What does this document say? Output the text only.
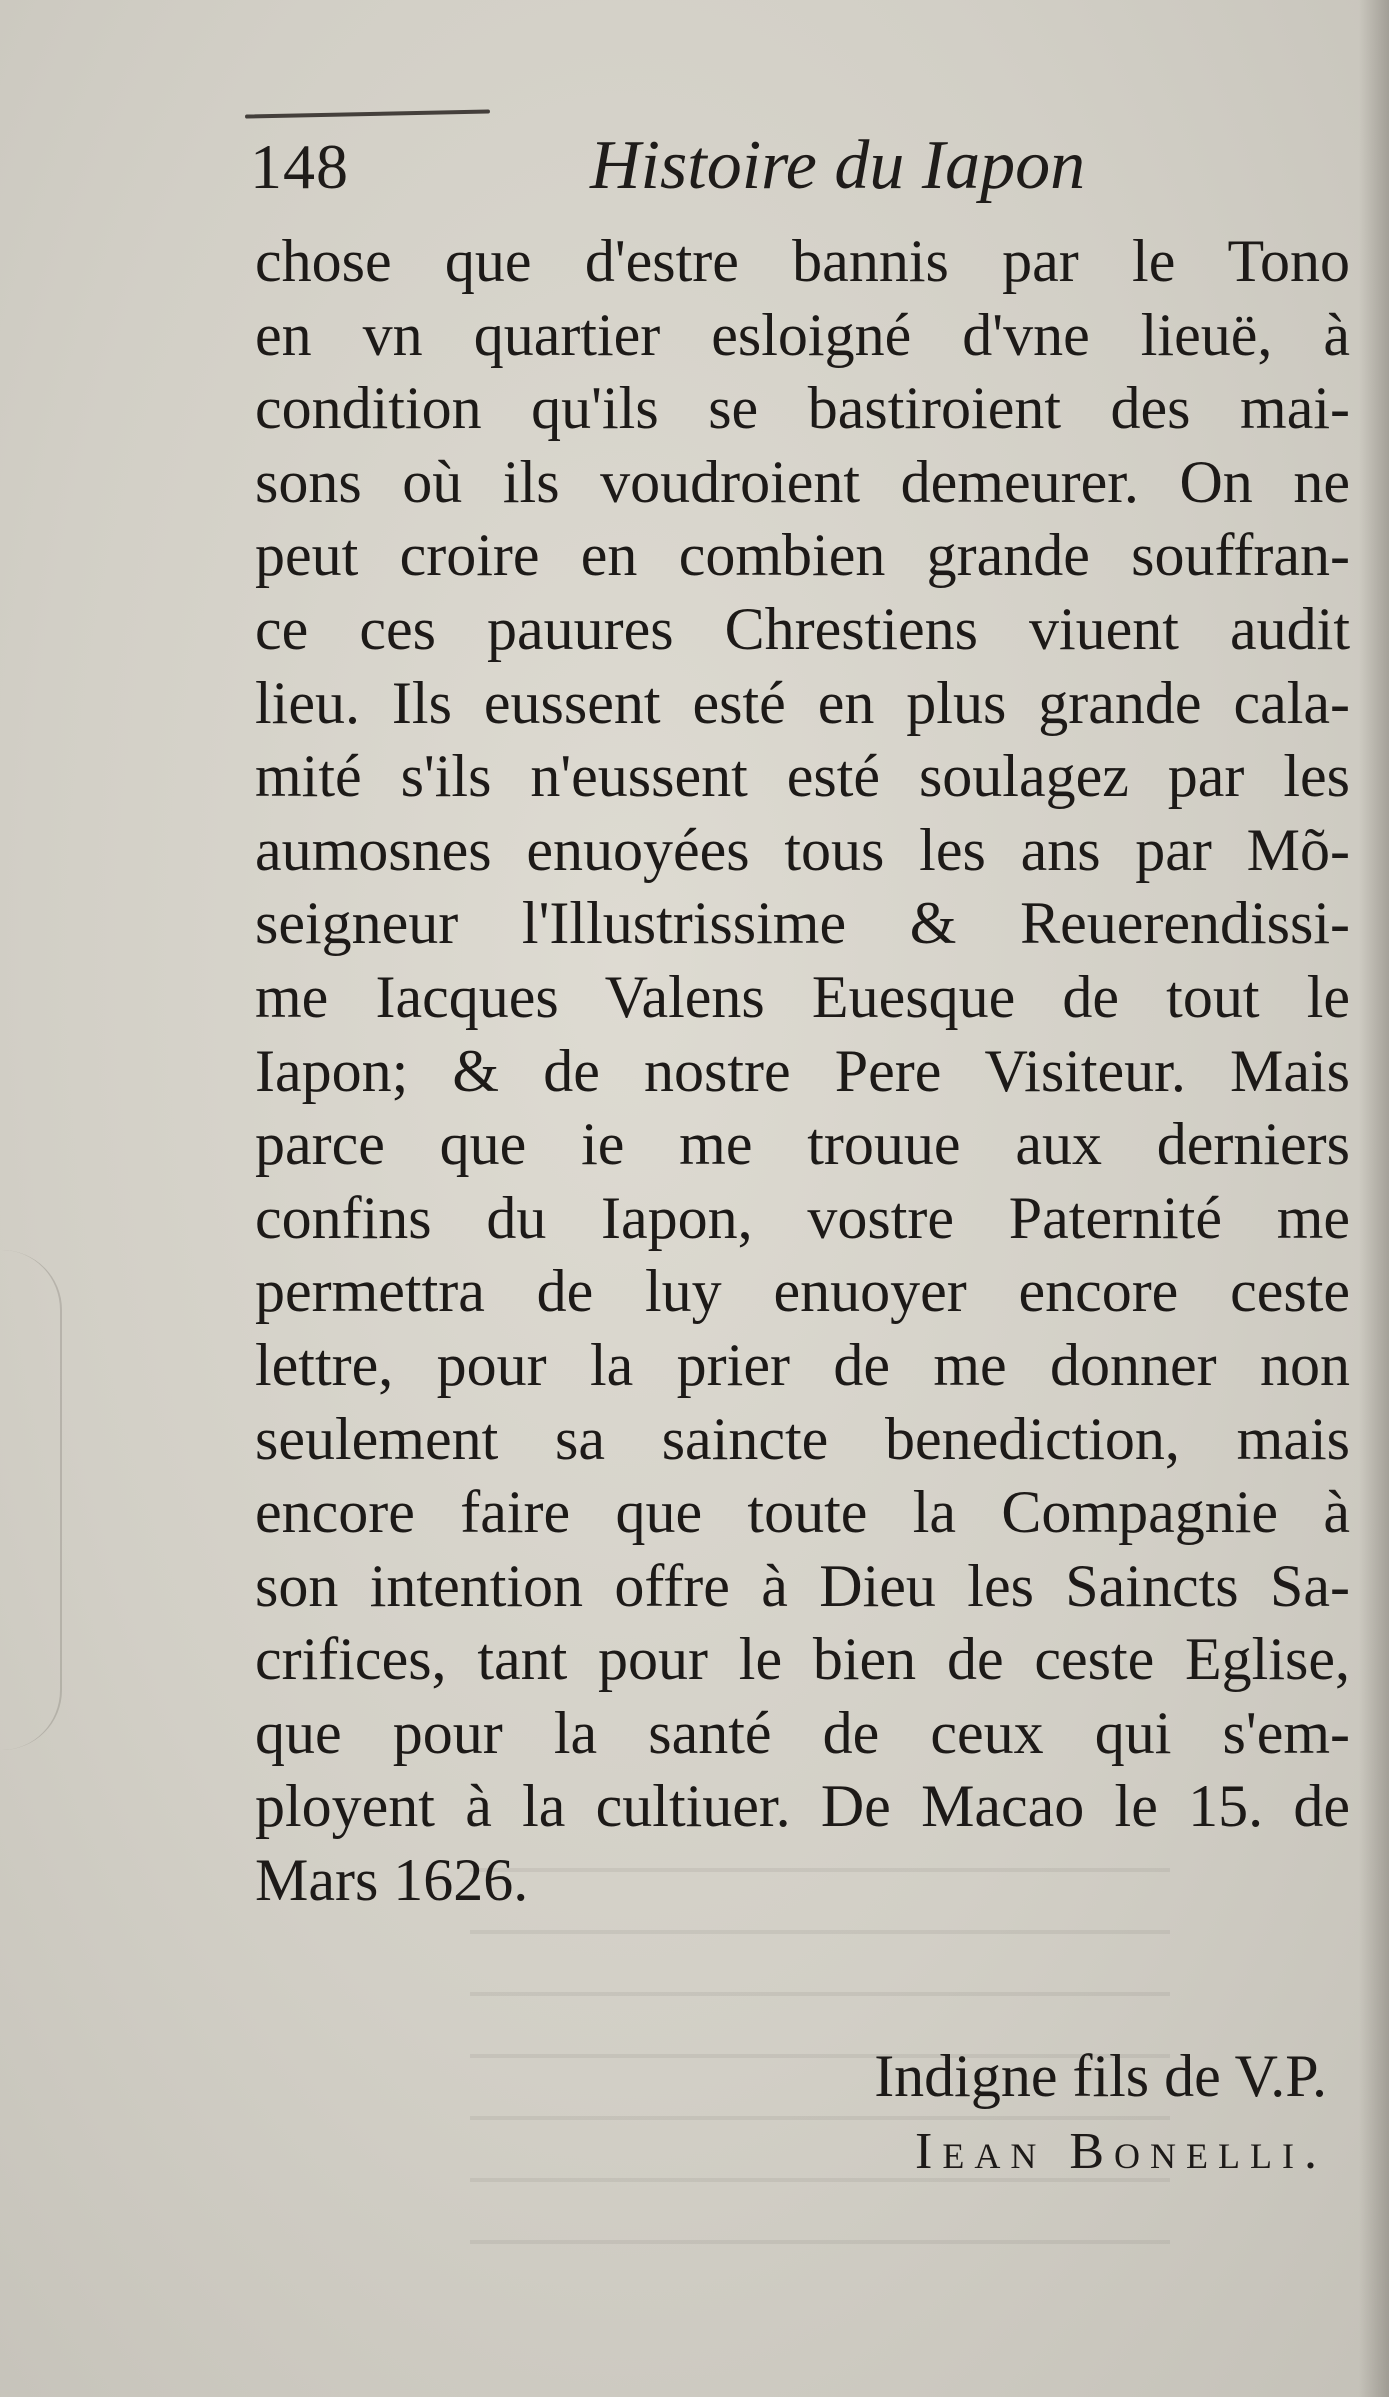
148	Histoire du Iapon
chose que d'estre bannis par le Tono
en vn quartier esloigné d'vne lieuë, à
condition qu'ils se bastiroient des mai-
sons où ils voudroient demeurer. On ne
peut croire en combien grande souffran-
ce ces pauures Chrestiens viuent audit
lieu. Ils eussent esté en plus grande cala-
mité s'ils n'eussent esté soulagez par les
aumosnes enuoyées tous les ans par Mõ-
seigneur l'Illustrissime & Reuerendissi-
me Iacques Valens Euesque de tout le
Iapon; & de nostre Pere Visiteur. Mais
parce que ie me trouue aux derniers
confins du Iapon, vostre Paternité me
permettra de luy enuoyer encore ceste
lettre, pour la prier de me donner non
seulement sa saincte benediction, mais
encore faire que toute la Compagnie à
son intention offre à Dieu les Saincts Sa-
crifices, tant pour le bien de ceste Eglise,
que pour la santé de ceux qui s'em-
ployent à la cultiuer. De Macao le 15. de
Mars 1626.
Indigne fils de V.P.
Iean Bonelli.
